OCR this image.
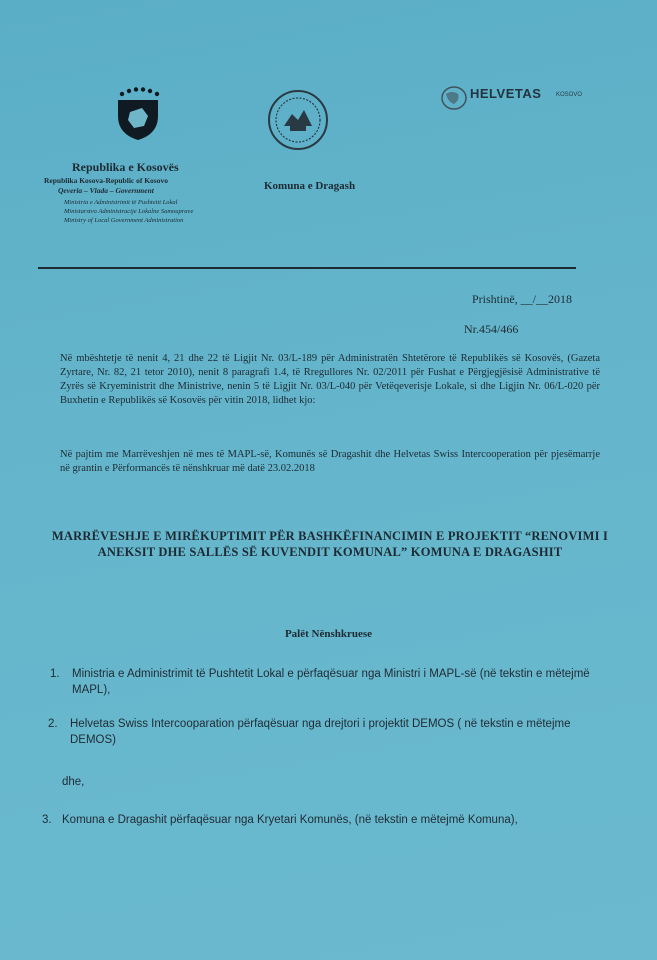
HELVETAS KOSOVO
Republika e Kosovës
Republika Kosova-Republic of Kosovo
Qeveria – Vlada – Government
Ministria e Administrimit të Pushtetit Lokal
Ministarstvo Administracije Lokalne Samouprave
Ministry of Local Government Administration
Komuna e Dragash
Prishtinë, __/__2018
Nr.454/466
Në mbështetje të nenit 4, 21 dhe 22 të Ligjit Nr. 03/L-189 për Administratën Shtetërore të Republikës së Kosovës, (Gazeta Zyrtare, Nr. 82, 21 tetor 2010), nenit 8 paragrafi 1.4, të Rregullores Nr. 02/2011 për Fushat e Përgjegjësisë Administrative të Zyrës së Kryeministrit dhe Ministrive, nenin 5 të Ligjit Nr. 03/L-040 për Vetëqeverisje Lokale, si dhe Ligjin Nr. 06/L-020 për Buxhetin e Republikës së Kosovës për vitin 2018, lidhet kjo:
Në pajtim me Marrëveshjen në mes të MAPL-së, Komunës së Dragashit dhe Helvetas Swiss Intercooperation për pjesëmarrje në grantin e Përformancës të nënshkruar më datë 23.02.2018
MARRËVESHJE E MIRËKUPTIMIT PËR BASHKËFINANCIMIN E PROJEKTIT “RENOVIMI I ANEKSIT DHE SALLËS SË KUVENDIT KOMUNAL” KOMUNA E DRAGASHIT
Palët Nënshkruese
1.	Ministria e Administrimit të Pushtetit Lokal e përfaqësuar nga Ministri i MAPL-së (në tekstin e mëtejmë MAPL),
2.	Helvetas Swiss Intercooparation përfaqësuar nga drejtori i projektit DEMOS ( në tekstin e mëtejme DEMOS)
dhe,
3. Komuna e Dragashit përfaqësuar nga Kryetari Komunës, (në tekstin e mëtejmë Komuna),
